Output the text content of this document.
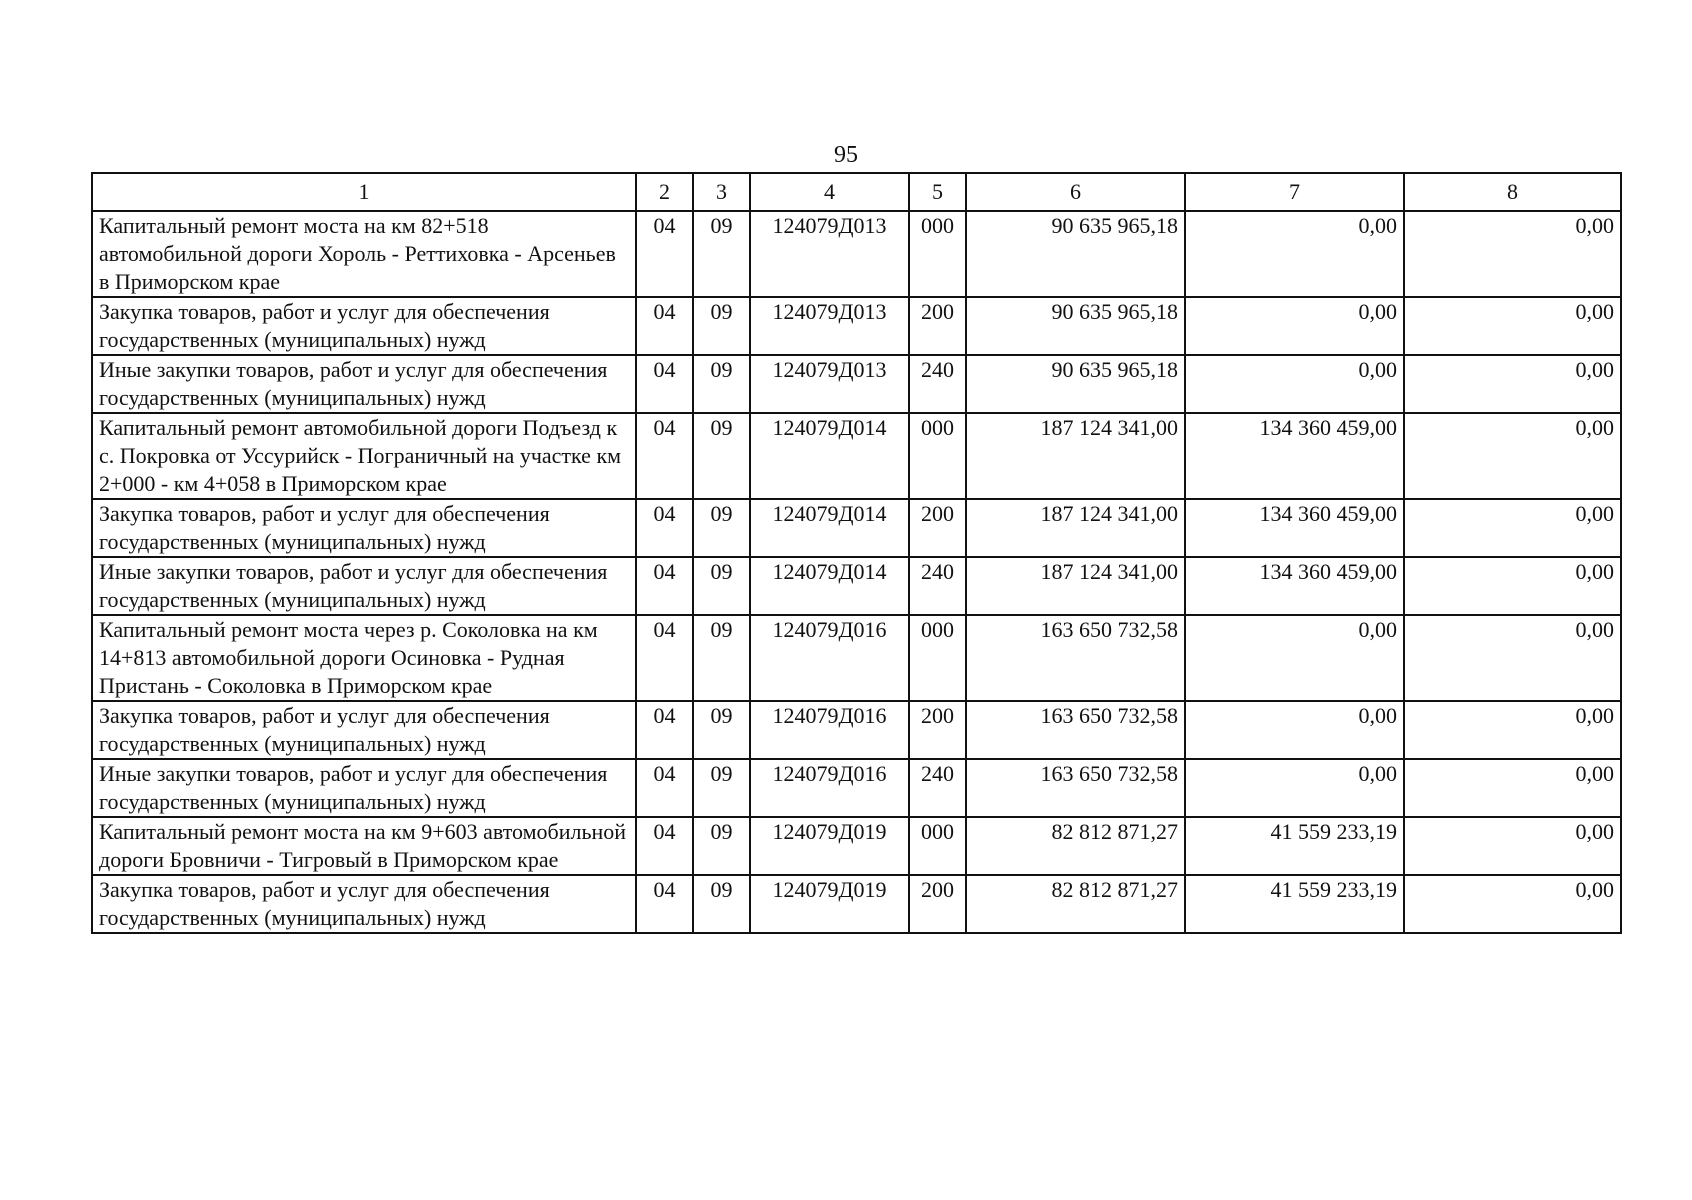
95
1	2	3	4	5	6	7	8
Капитальный ремонт моста на км 82+518 автомобильной дороги Хороль - Реттиховка - Арсеньев в Приморском крае	04	09	124079Д013	000	90 635 965,18	0,00	0,00
Закупка товаров, работ и услуг для обеспечения государственных (муниципальных) нужд	04	09	124079Д013	200	90 635 965,18	0,00	0,00
Иные закупки товаров, работ и услуг для обеспечения государственных (муниципальных) нужд	04	09	124079Д013	240	90 635 965,18	0,00	0,00
Капитальный ремонт автомобильной дороги Подъезд к с. Покровка от Уссурийск - Пограничный на участке км 2+000 - км 4+058 в Приморском крае	04	09	124079Д014	000	187 124 341,00	134 360 459,00	0,00
Закупка товаров, работ и услуг для обеспечения государственных (муниципальных) нужд	04	09	124079Д014	200	187 124 341,00	134 360 459,00	0,00
Иные закупки товаров, работ и услуг для обеспечения государственных (муниципальных) нужд	04	09	124079Д014	240	187 124 341,00	134 360 459,00	0,00
Капитальный ремонт моста через р. Соколовка на км 14+813 автомобильной дороги Осиновка - Рудная Пристань - Соколовка в Приморском крае	04	09	124079Д016	000	163 650 732,58	0,00	0,00
Закупка товаров, работ и услуг для обеспечения государственных (муниципальных) нужд	04	09	124079Д016	200	163 650 732,58	0,00	0,00
Иные закупки товаров, работ и услуг для обеспечения государственных (муниципальных) нужд	04	09	124079Д016	240	163 650 732,58	0,00	0,00
Капитальный ремонт моста на км 9+603 автомобильной дороги Бровничи - Тигровый в Приморском крае	04	09	124079Д019	000	82 812 871,27	41 559 233,19	0,00
Закупка товаров, работ и услуг для обеспечения государственных (муниципальных) нужд	04	09	124079Д019	200	82 812 871,27	41 559 233,19	0,00
